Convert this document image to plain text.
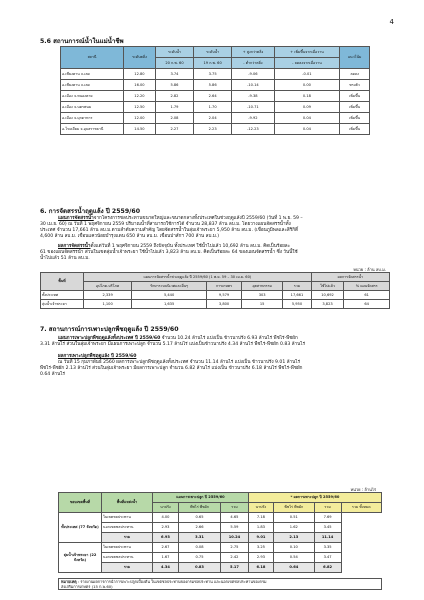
4
5.6 สถานการณ์น้ำในแม่น้ำชีพ
สถานี	ระดับตลิ่ง	ระดับน้ำ	ระดับน้ำ	+ สูงกว่าตลิ่ง	+ เพิ่มขึ้นจากเมื่อวาน	แนวโน้ม
		20 ก.พ. 60	19 ก.พ. 60	- ต่ำกว่าตลิ่ง	- ลดลงจากเมื่อวาน	
อ.เชียงคาน จ.เลย	12.80	3.74	3.75	-9.06	-0.01	ลดลง
อ.เชียงคาน จ.เลย	16.00	5.86	5.86	-10.14	0.00	ทรงตัว
อ.เมือง จ.หนองคาย	12.20	2.82	2.64	-9.38	0.18	เพิ่มขึ้น
อ.เมือง จ.นครพนม	12.50	1.79	1.70	-10.71	0.09	เพิ่มขึ้น
อ.เมือง จ.มุกดาหาร	12.00	2.08	2.04	-9.92	0.04	เพิ่มขึ้น
อ.โขงเจียม จ.อุบลราชธานี	14.50	2.27	2.23	-12.23	0.04	เพิ่มขึ้น
6. การจัดสรรน้ำฤดูแล้ง ปี 2559/60
แผนการจัดสรรน้ำจากโครงการชลประทานขนาดใหญ่และขนาดกลางทั้งประเทศในช่วงฤดูแล้งปี 2559/60 (วันที่ 1 พ.ย. 59 –
30 เม.ย. 60) ณ วันที่ 1 พฤศจิกายน 2559 ปริมาณน้ำที่สามารถใช้การได้ จำนวน 28,837 ล้าน ลบ.ม. โดยวางแผนจัดสรรน้ำทั้ง
ประเทศ จำนวน 17,661 ล้าน ลบ.ม.ตามลำดับความสำคัญ โดยจัดสรรน้ำในลุ่มเจ้าพระยา 5,950 ล้าน ลบ.ม. (เขื่อนภูมิพลและสิริกิติ์
4,600 ล้าน ลบ.ม. เขื่อนแควน้อยบำรุงแดน 650 ล้าน ลบ.ม. เขื่อนป่าสักฯ 700 ล้าน ลบ.ม.)
ผลการจัดสรรน้ำตั้งแต่วันที่ 1 พฤศจิกายน 2559 ถึงปัจจุบัน ทั้งประเทศ ใช้น้ำไปแล้ว 10,692 ล้าน ลบ.ม. คิดเป็นร้อยละ
61 ของแผนจัดสรรน้ำ ส่วนในเขตลุ่มน้ำเจ้าพระยา ใช้น้ำไปแล้ว 3,823 ล้าน ลบ.ม. คิดเป็นร้อยละ 64 ของแผนจัดสรรน้ำ ซึ่ง วันนี้ใช้
น้ำไปแล้ว 51 ล้าน ลบ.ม.
หน่วย : ล้าน ลบ.ม.
พื้นที่	แผนการจัดสรรน้ำช่วงฤดูแล้ง ปี 2559/60 (1 พ.ย. 59 – 30 เม.ย. 60)					ผลการจัดสรรน้ำ	
	อุปโภค-บริโภค	รักษาระบบนิเวศและอื่นๆ	การเกษตร	อุตสาหกรรม	รวม	ใช้ไปแล้ว	% แผนจัดสรร
ทั้งประเทศ	2,339	5,440	9,579	303	17,661	10,692	61
ลุ่มน้ำเจ้าพระยา	1,100	1,635	3,800	15	5,950	3,823	64
7. สถานการณ์การเพาะปลูกพืชฤดูแล้ง ปี 2559/60
แผนการเพาะปลูกพืชฤดูแล้งทั้งประเทศ ปี 2559/60 จำนวน 10.24 ล้านไร่ แบ่งเป็น ข้าวนาปรัง 6.93 ล้านไร่ พืชไร่-พืชผัก
3.31 ล้านไร่ ส่วนในลุ่มเจ้าพระยา มีแผนการเพาะปลูก จำนวน 5.17 ล้านไร่ แบ่งเป็นข้าวนาปรัง 4.34 ล้านไร่ พืชไร่-พืชผัก 0.83 ล้านไร่
ผลการเพาะปลูกพืชฤดูแล้ง ปี 2559/60
ณ วันที่ 15 กุมภาพันธ์ 2560 ผลการเพาะปลูกพืชฤดูแล้งทั้งประเทศ จำนวน 11.14 ล้านไร่ แบ่งเป็น ข้าวนาปรัง 9.01 ล้านไร่
พืชไร่-พืชผัก 2.13 ล้านไร่ ส่วนในลุ่มเจ้าพระยา มีผลการเพาะปลูก จำนวน 6.82 ล้านไร่ แบ่งเป็น ข้าวนาปรัง 6.18 ล้านไร่ พืชไร่-พืชผัก
0.64 ล้านไร่
หน่วย : ล้านไร่
ขอบเขตพื้นที่	พื้นที่แหล่งน้ำ	แผนการเพาะปลูก ปี 2559/60			* ผลการเพาะปลูก ปี 2559/60			
		นาปรัง	พืชไร่ พืชผัก	รวม	นาปรัง	พืชไร่ พืชผัก	รวม	รวม ทั้งหมด
ทั้งประเทศ (77 จังหวัด)	ในเขตชลประทาน	4.00	0.65	4.65	7.18	0.51	7.69	
	นอกเขตชลประทาน	2.93	2.66	5.59	1.83	1.62	3.45	
	รวม	6.93	3.31	10.24	9.01	2.13	11.14	
ลุ่มน้ำเจ้าพระยา (22 จังหวัด)	ในเขตชลประทาน	2.67	0.08	2.75	3.25	0.10	3.35	
	นอกเขตชลประทาน	1.67	0.75	2.42	2.93	0.54	3.47	
	รวม	4.34	0.83	5.17	6.18	0.64	6.82	
หมายเหตุ : รายงานผลการการนำการเพาะปลูกเบื้องต้น ในเขตชลประทานของกรมชลประทาน และนอกเขตชลประทานของกรม
ส่งเสริมการเกษตร (15 ก.พ.60)
